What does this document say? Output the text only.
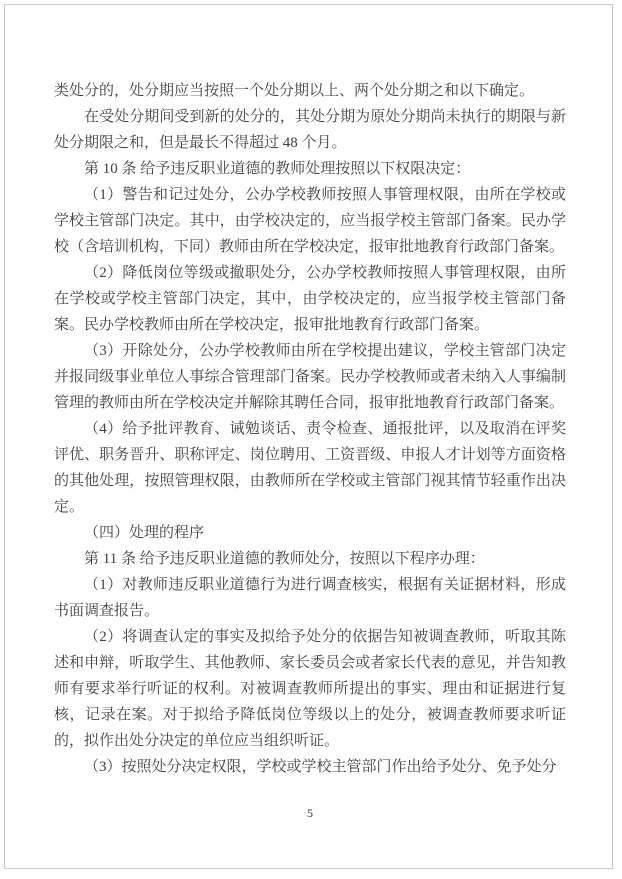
类处分的，处分期应当按照一个处分期以上、两个处分期之和以下确定。

在受处分期间受到新的处分的，其处分期为原处分期尚未执行的期限与新处分期限之和，但是最长不得超过 48 个月。

第 10 条 给予违反职业道德的教师处理按照以下权限决定：

（1）警告和记过处分，公办学校教师按照人事管理权限，由所在学校或学校主管部门决定。其中，由学校决定的，应当报学校主管部门备案。民办学校（含培训机构，下同）教师由所在学校决定，报审批地教育行政部门备案。

（2）降低岗位等级或撤职处分，公办学校教师按照人事管理权限，由所在学校或学校主管部门决定，其中，由学校决定的，应当报学校主管部门备案。民办学校教师由所在学校决定，报审批地教育行政部门备案。

（3）开除处分，公办学校教师由所在学校提出建议，学校主管部门决定并报同级事业单位人事综合管理部门备案。民办学校教师或者未纳入人事编制管理的教师由所在学校决定并解除其聘任合同，报审批地教育行政部门备案。

（4）给予批评教育、诫勉谈话、责令检查、通报批评，以及取消在评奖评优、职务晋升、职称评定、岗位聘用、工资晋级、申报人才计划等方面资格的其他处理，按照管理权限，由教师所在学校或主管部门视其情节轻重作出决定。

（四）处理的程序

第 11 条 给予违反职业道德的教师处分，按照以下程序办理：

（1）对教师违反职业道德行为进行调查核实，根据有关证据材料，形成书面调查报告。

（2）将调查认定的事实及拟给予处分的依据告知被调查教师，听取其陈述和申辩，听取学生、其他教师、家长委员会或者家长代表的意见，并告知教师有要求举行听证的权利。对被调查教师所提出的事实、理由和证据进行复核，记录在案。对于拟给予降低岗位等级以上的处分，被调查教师要求听证的，拟作出处分决定的单位应当组织听证。

（3）按照处分决定权限，学校或学校主管部门作出给予处分、免予处分

5
